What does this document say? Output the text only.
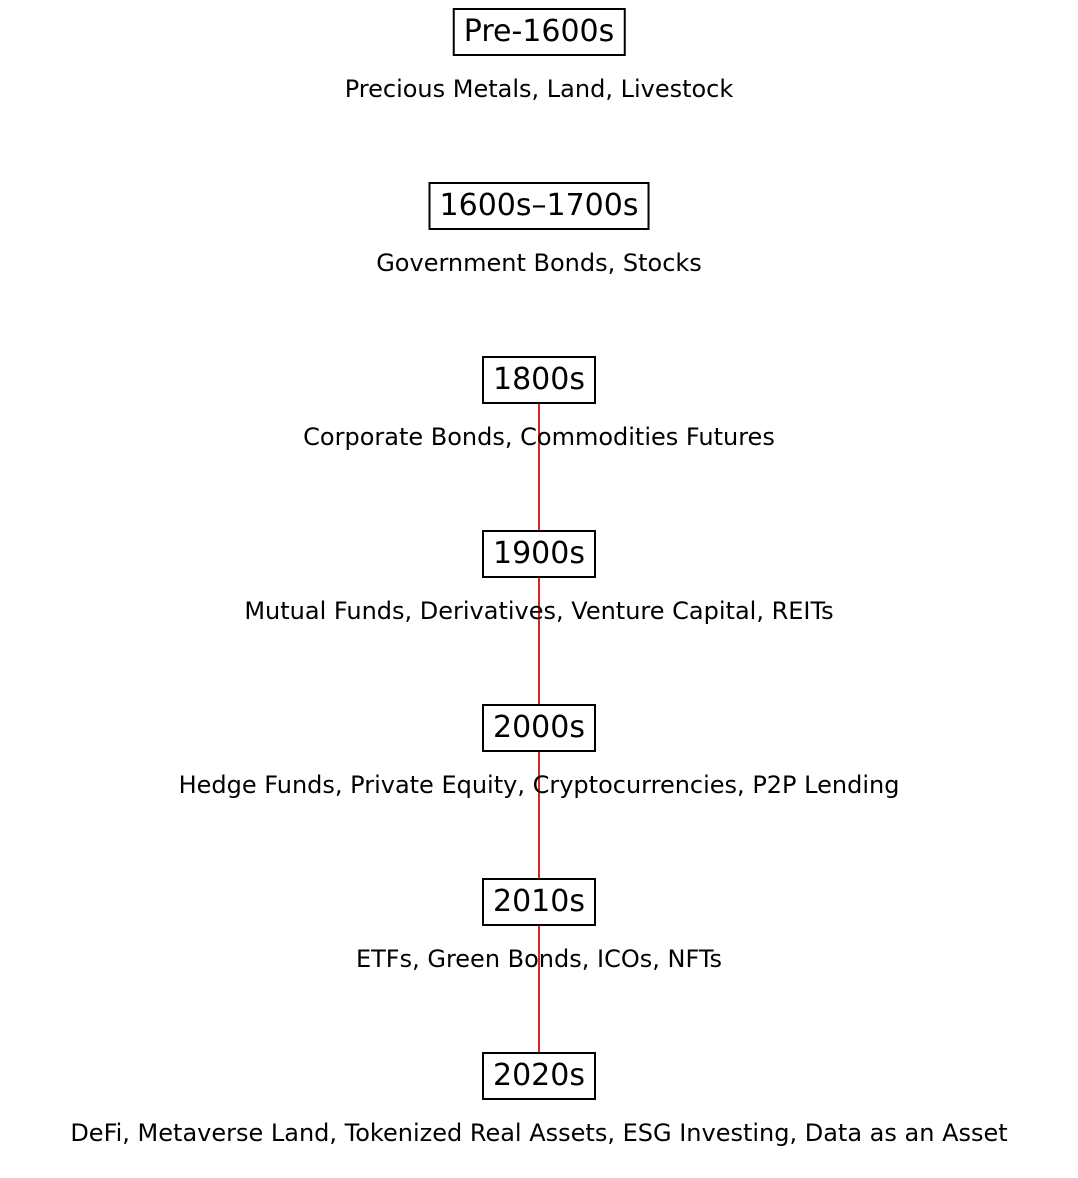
Pre-1600s
Precious Metals, Land, Livestock
1600s–1700s
Government Bonds, Stocks
1800s
Corporate Bonds, Commodities Futures
1900s
Mutual Funds, Derivatives, Venture Capital, REITs
2000s
Hedge Funds, Private Equity, Cryptocurrencies, P2P Lending
2010s
ETFs, Green Bonds, ICOs, NFTs
2020s
DeFi, Metaverse Land, Tokenized Real Assets, ESG Investing, Data as an Asset
